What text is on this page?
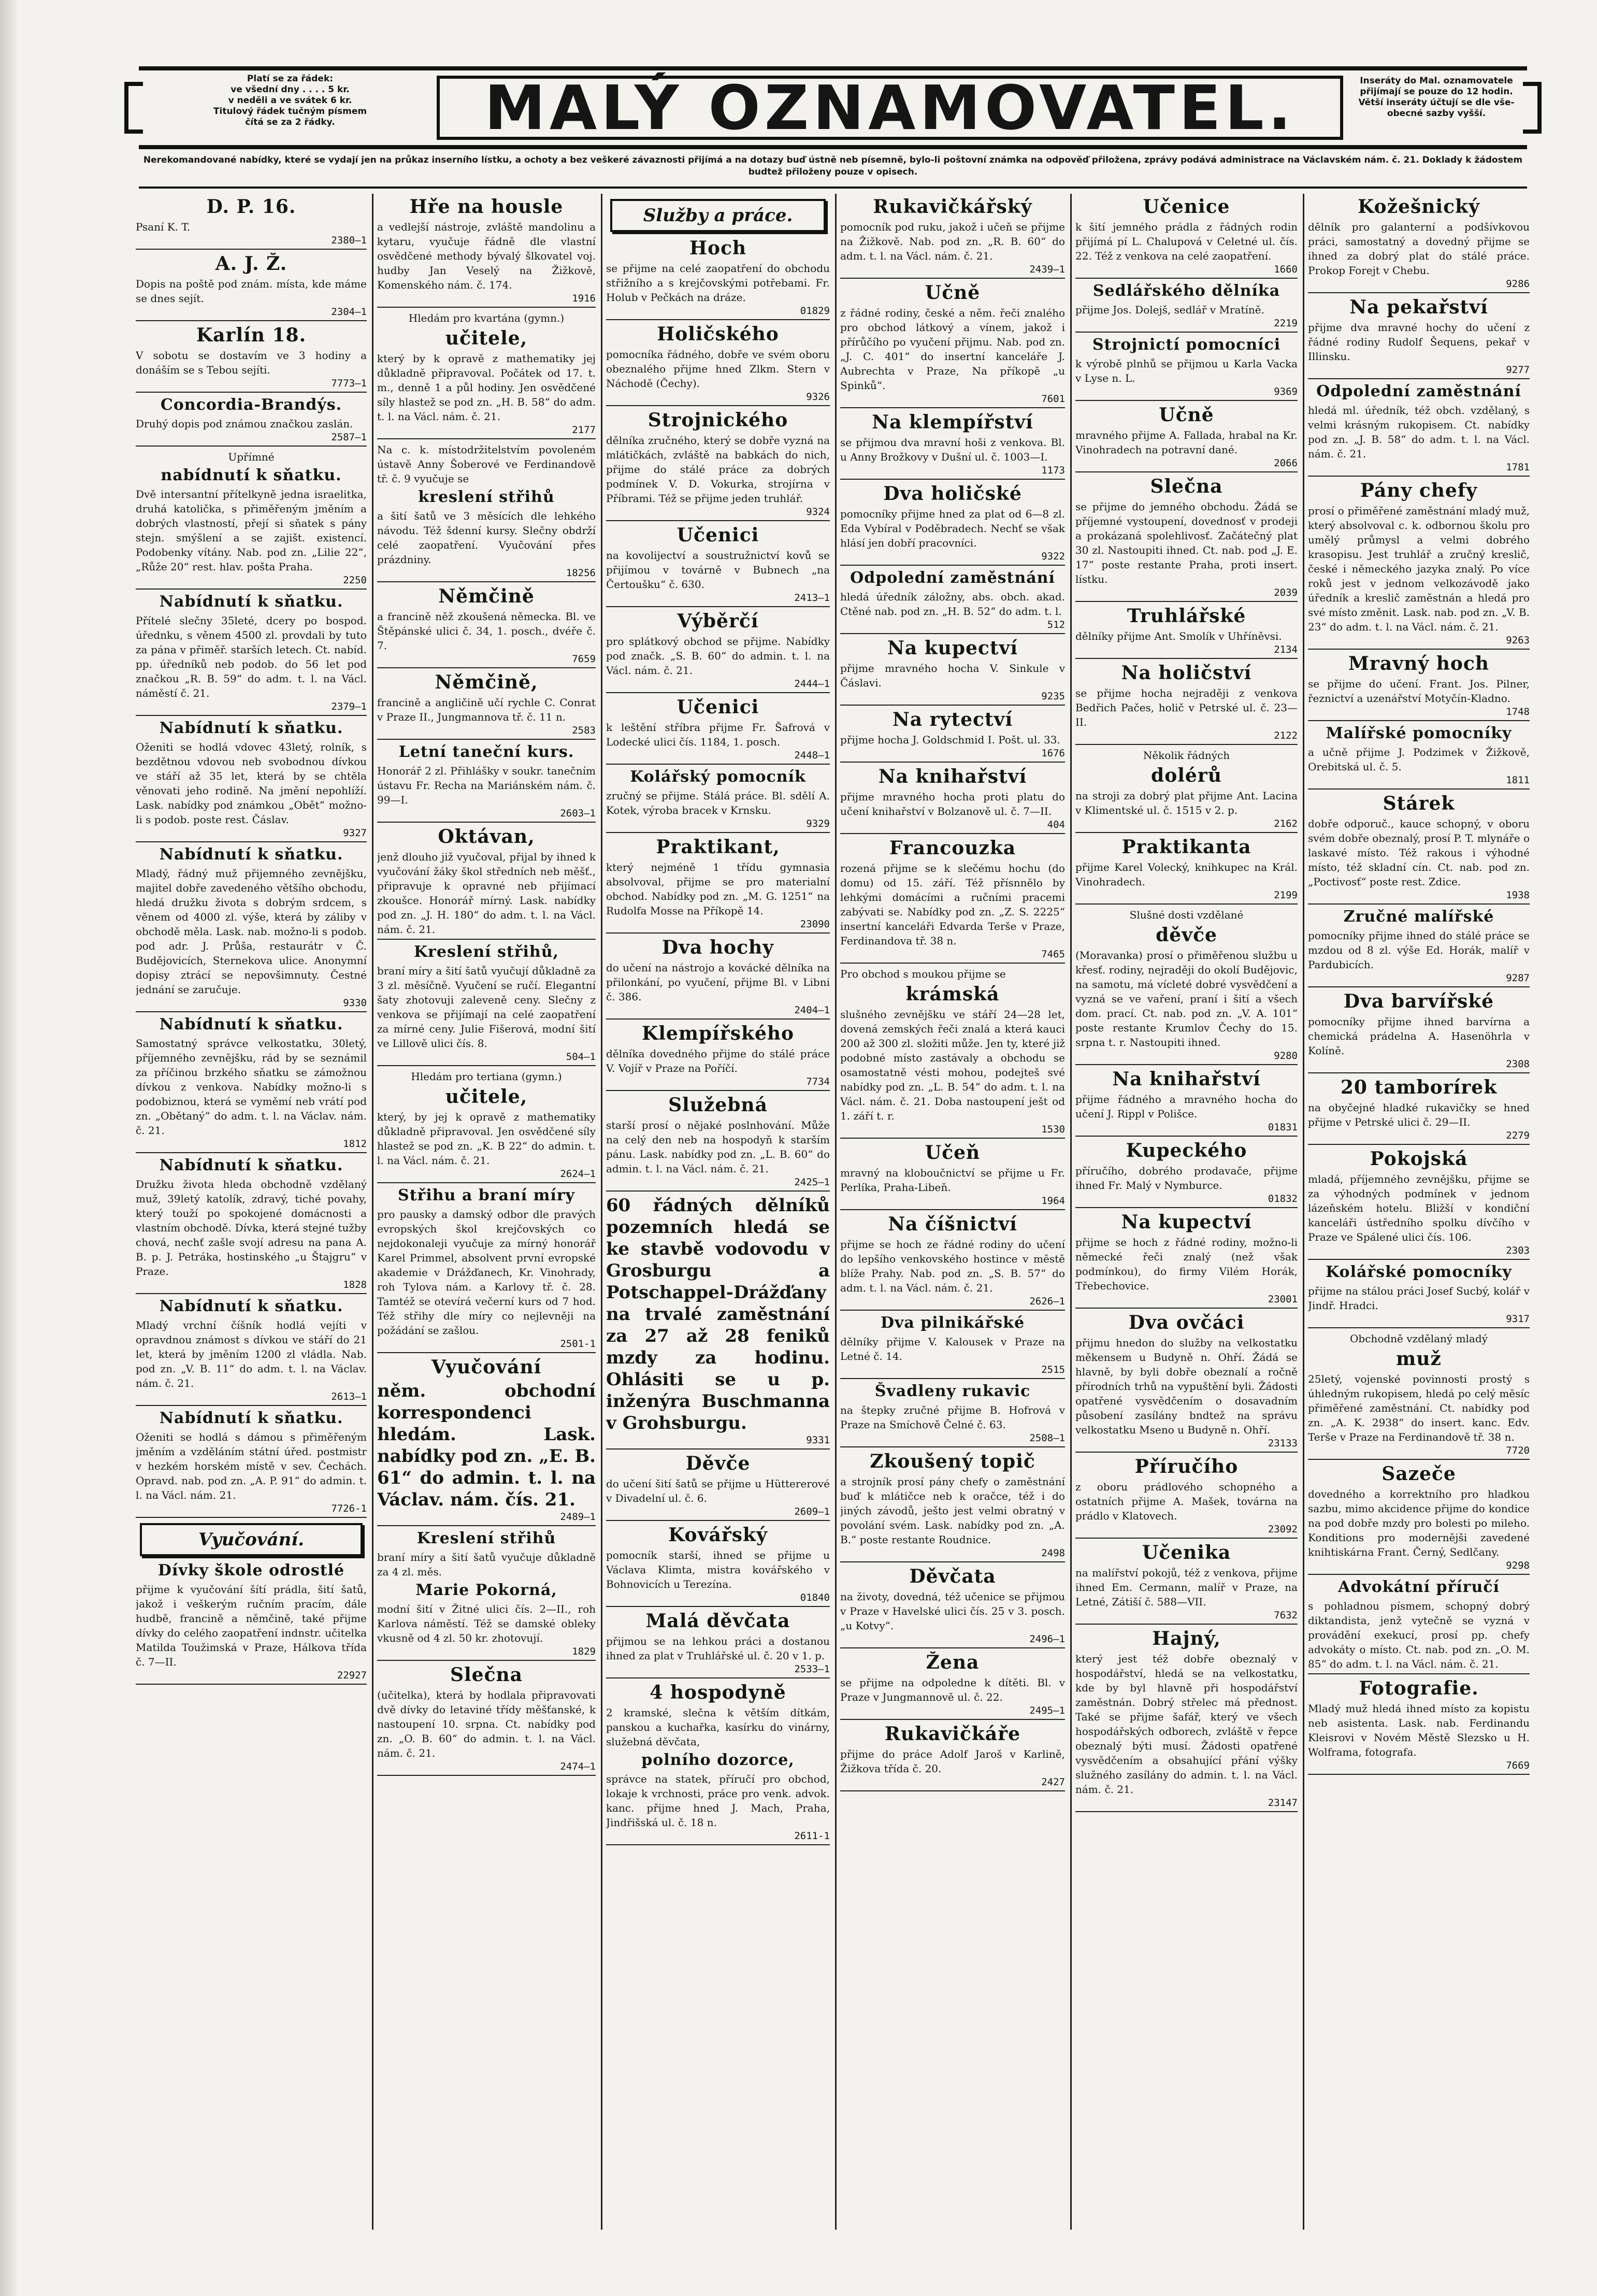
Platí se za řádek:
ve všední dny . . . . 5 kr.
v neděli a ve svátek 6 kr.
Titulový řádek tučným písmem
čítá se za 2 řádky.	MALÝ OZNAMOVATEL.	Inseráty do Mal. oznamovatele
přijímají se pouze do 12 hodin.
Větší inseráty účtují se dle vše-
obecné sazby vyšší.
Nerekomandované nabídky, které se vydají jen na průkaz inserního lístku, a ochoty a bez veškeré závaznosti přijímá a na dotazy buď ústně neb písemně, bylo-li poštovní známka na odpověď přiložena, zprávy podává administrace na Václavském nám. č. 21. Doklady k žádostem budtež přiloženy pouze v opisech.
D. P. 16.

Psaní K. T.

2380—1
A. J. Ž.

Dopis na poště pod znám. místa, kde máme se dnes sejít.

2304—1
Karlín 18.

V sobotu se dostavím ve 3 hodiny a donáším se s Tebou sejíti.

7773—1
Concordia-Brandýs.

Druhý dopis pod známou značkou zaslán.

2587—1

Upřímné

nabídnutí k sňatku.

Dvě intersantní přítelkyně jedna israelitka, druhá katolička, s přiměřeným jměním a dobrých vlastností, přejí si sňatek s pány stejn. smýšlení a se zajišt. existencí. Podobenky vítány. Nab. pod zn. „Lilie 22“, „Růže 20“ rest. hlav. pošta Praha.

2250
Nabídnutí k sňatku.

Přítelé slečny 35leté, dcery po bospod. úřednku, s věnem 4500 zl. provdali by tuto za pána v přiměř. starších letech. Ct. nabíd. pp. úředníků neb podob. do 56 let pod značkou „R. B. 59“ do adm. t. l. na Václ. náměstí č. 21.

2379—1
Nabídnutí k sňatku.

Oženiti se hodlá vdovec 43letý, rolník, s bezdětnou vdovou neb svobodnou dívkou ve stáří až 35 let, která by se chtěla věnovati jeho rodině. Na jmění nepohlíží. Lask. nabídky pod známkou „Obět“ možno-li s podob. poste rest. Čáslav.

9327
Nabídnutí k sňatku.

Mladý, řádný muž přijemného zevnějšku, majitel dobře zavedeného většího obchodu, hledá družku života s dobrým srdcem, s věnem od 4000 zl. výše, která by záliby v obchodě měla. Lask. nab. možno-li s podob. pod adr. J. Průša, restaurátr v Č. Budějovicích, Sternekova ulice. Anonymní dopisy ztrácí se nepovšimnuty. Čestné jednání se zaručuje.

9330
Nabídnutí k sňatku.

Samostatný správce velkostatku, 30letý, příjemného zevnějšku, rád by se seznámil za příčinou brzkého sňatku se zámožnou dívkou z venkova. Nabídky možno-li s podobiznou, která se vyměmí neb vrátí pod zn. „Obětaný“ do adm. t. l. na Václav. nám. č. 21.

1812
Nabídnutí k sňatku.

Družku života hleda obchodně vzdělaný muž, 39letý katolík, zdravý, tiché povahy, který touží po spokojené domácnosti a vlastním obchodě. Dívka, která stejné tužby chová, nechť zašle svojí adresu na pana A. B. p. J. Petráka, hostinského „u Štajgru“ v Praze.

1828
Nabídnutí k sňatku.

Mladý vrchní číšník hodlá vejíti v opravdnou známost s dívkou ve stáří do 21 let, která by jměním 1200 zl vládla. Nab. pod zn. „V. B. 11“ do adm. t. l. na Václav. nám. č. 21.

2613—1
Nabídnutí k sňatku.

Oženiti se hodlá s dámou s přiměřeným jměním a vzděláním státní úřed. postmistr v hezkém horském místě v sev. Čechách. Opravd. nab. pod zn. „A. P. 91“ do admin. t. l. na Václ. nám. 21.

7726-1
Vyučování.
Dívky škole odrostlé

přijme k vyučování šítí prádla, šití šatů, jakož i veškerým ručním pracím, dále hudbě, francině a němčině, také přijme dívky do celého zaopatření indnstr. učitelka Matilda Toužimská v Praze, Hálkova třída č. 7—II.

22927
Hře na housle

a vedlejší nástroje, zvláště mandolinu a kytaru, vyučuje řádně dle vlastní osvědčené methody bývalý šlkovatel voj. hudby Jan Veselý na Žižkově, Komenského nám. č. 174.

1916

Hledám pro kvartána (gymn.)

učitele,

který by k opravě z mathematiky jej důkladně připravoval. Počátek od 17. t. m., denně 1 a půl hodiny. Jen osvědčené síly hlastež se pod zn. „H. B. 58“ do adm. t. l. na Václ. nám. č. 21.

2177

Na c. k. místodržitelstvím povoleném ústavě Anny Šoberové ve Ferdinandově tř. č. 9 vyučuje se

kreslení střihů

a šití šatů ve 3 měsících dle lehkého návodu. Též šdenní kursy. Slečny obdrží celé zaopatření. Vyučování přes prázdniny.

18256
Němčině

a francině něž zkoušená německa. Bl. ve Štěpánské ulici č. 34, 1. posch., dvéře č. 7.

7659
Němčině,

francině a angličině učí rychle C. Conrat v Praze II., Jungmannova tř. č. 11 n.

2583
Letní taneční kurs.

Honorář 2 zl. Přihlášky v soukr. tanečním ústavu Fr. Recha na Mariánském nám. č. 99—I.

2603—1
Oktávan,

jenž dlouho již vyučoval, přijal by ihned k vyučování žáky škol středních neb měšť., připravuje k opravné neb přijímací zkoušce. Honorář mírný. Lask. nabídky pod zn. „J. H. 180“ do adm. t. l. na Václ. nám. č. 21.

Kreslení střihů,

braní míry a šití šatů vyučují důkladně za 3 zl. měsíčně. Vyučení se ručí. Elegantní šaty zhotovuji zaleveně ceny. Slečny z venkova se přijímají na celé zaopatření za mírné ceny. Julie Fišerová, modní šití ve Lillově ulici čís. 8.

504—1

Hledám pro tertiana (gymn.)

učitele,

který, by jej k opravě z mathematiky důkladně připravoval. Jen osvědčené síly hlastež se pod zn. „K. B 22“ do admin. t. l. na Václ. nám. č. 21.

2624—1
Střihu a braní míry

pro pausky a damský odbor dle pravých evropských škol krejčovských co nejdokonaleji vyučuje za mírný honorář Karel Primmel, absolvent první evropské akademie v Drážďanech, Kr. Vinohrady, roh Tylova nám. a Karlovy tř. č. 28. Tamtéž se otevírá večerní kurs od 7 hod. Též střihy dle míry co nejlevněji na požádání se zašlou.

2501-1
Vyučování

něm. obchodní korrespondenci hledám. Lask. nabídky pod zn. „E. B. 61“ do admin. t. l. na Václav. nám. čís. 21.

2489—1
Kreslení střihů

braní míry a šití šatů vyučuje důkladně za 4 zl. měs.

Marie Pokorná,

modní šití v Žitné ulici čís. 2—II., roh Karlova náměstí. Též se damské obleky vkusně od 4 zl. 50 kr. zhotovují.

1829
Slečna

(učitelka), která by hodlala připravovati dvě dívky do letaviné třídy měšťanské, k nastoupení 10. srpna. Ct. nabídky pod zn. „O. B. 60“ do admin. t. l. na Václ. nám. č. 21.

2474—1
Služby a práce.
Hoch

se přijme na celé zaopatření do obchodu střižního a s krejčovskými potřebami. Fr. Holub v Pečkách na dráze.

01829
Holičského

pomocníka řádného, dobře ve svém oboru obeznalého přijme hned Zlkm. Stern v Náchodě (Čechy).

9326
Strojnického

dělníka zručného, který se dobře vyzná na mlátičkách, zvláště na babkách do nich, přijme do stálé práce za dobrých podmínek V. D. Vokurka, strojírna v Příbrami. Též se přijme jeden truhlář.

9324
Učenici

na kovolijectví a soustružnictví kovů se přijímou v továrně v Bubnech „na Čertoušku“ č. 630.

2413—1
Výběrčí

pro splátkový obchod se přijme. Nabídky pod značk. „S. B. 60“ do admin. t. l. na Václ. nám. č. 21.

2444—1
Učenici

k leštění stříbra přijme Fr. Šafrová v Lodecké ulici čís. 1184, 1. posch.

2448—1
Kolářský pomocník

zručný se přijme. Stálá práce. Bl. sdělí A. Kotek, výroba bracek v Krnsku.

9329
Praktikant,

který nejméně 1 třídu gymnasia absolvoval, přijme se pro materialní obchod. Nabídky pod zn. „M. G. 1251“ na Rudolfa Mosse na Příkopě 14.

23090
Dva hochy

do učení na nástrojo a kovácké dělníka na přilonkání, po vyučení, přijme Bl. v Libni č. 386.

2404—1
Klempířského

dělníka dovedného přijme do stálé práce V. Vojíř v Praze na Poříčí.

7734
Služebná

starší prosí o nějaké poslnhování. Může na celý den neb na hospodyň k starším pánu. Lask. nabídky pod zn. „L. B. 60“ do admin. t. l. na Václ. nám. č. 21.

2425—1

60 řádných dělníků pozemních hledá se ke stavbě vodovodu v Grosburgu a Potschappel-Drážďany na trvalé zaměstnání za 27 až 28 feniků mzdy za hodinu. Ohlásiti se u p. inženýra Buschmanna v Grohsburgu.

9331
Děvče

do učení šití šatů se přijme u Hüttererové v Divadelní ul. č. 6.

2609—1
Kovářský

pomocník starší, ihned se přijme u Václava Klimta, mistra kovářského v Bohnovicích u Terezína.

01840
Malá děvčata

přijmou se na lehkou práci a dostanou ihned za plat v Truhlářské ul. č. 20 v 1. p.

2533—1
4 hospodyně

2 kramské, slečna k větším dítkám, panskou a kuchařka, kasírku do vinárny, služebná děvčata,

polního dozorce,

správce na statek, příručí pro obchod, lokaje k vrchnosti, práce pro venk. advok. kanc. přijme hned J. Mach, Praha, Jindřišská ul. č. 18 n.

2611-1
Rukavičkářský

pomocník pod ruku, jakož i učeň se přijme na Žižkově. Nab. pod zn. „R. B. 60“ do adm. t. l. na Václ. nám. č. 21.

2439—1
Učně

z řádné rodiny, české a něm. řeči znalého pro obchod látkový a vínem, jakož i přírůčího po vyučení přijmu. Nab. pod zn. „J. C. 401“ do insertní kanceláře J. Aubrechta v Praze, Na příkopě „u Spinků“.

7601
Na klempířství

se přijmou dva mravní hoši z venkova. Bl. u Anny Brožkovy v Dušní ul. č. 1003—I.

1173
Dva holičské

pomocníky přijme hned za plat od 6—8 zl. Eda Vybíral v Poděbradech. Nechť se však hlásí jen dobří pracovníci.

9322
Odpolední zaměstnání

hledá úředník záložny, abs. obch. akad. Ctěné nab. pod zn. „H. B. 52“ do adm. t. l.

512
Na kupectví

přijme mravného hocha V. Sinkule v Čáslavi.

9235
Na rytectví

přijme hocha J. Goldschmid I. Pošt. ul. 33.

1676
Na knihařství

přijme mravného hocha proti platu do učení knihařství v Bolzanově ul. č. 7—II.

404
Francouzka

rozená přijme se k slečému hochu (do domu) od 15. září. Též přísnnělo by lehkými domácími a ručními pracemi zabývati se. Nabídky pod zn. „Z. S. 2225“ insertní kanceláři Edvarda Terše v Praze, Ferdinandova tř. 38 n.

7465

Pro obchod s moukou přijme se

krámská

slušného zevnějšku ve stáří 24—28 let, dovená zemských řeči znalá a která kauci 200 až 300 zl. složiti může. Jen ty, které již podobné místo zastávaly a obchodu se osamostatně vésti mohou, podejteš své nabídky pod zn. „L. B. 54“ do adm. t. l. na Václ. nám. č. 21. Doba nastoupení ješt od 1. září t. r.

1530
Učeň

mravný na kloboučnictví se přijme u Fr. Perlíka, Praha-Libeň.

1964
Na číšnictví

přijme se hoch ze řádné rodiny do učení do lepšího venkovského hostince v městě blíže Prahy. Nab. pod zn. „S. B. 57“ do adm. t. l. na Václ. nám. č. 21.

2626—1
Dva pilnikářské

dělníky přijme V. Kalousek v Praze na Letné č. 14.

2515
Švadleny rukavic

na štepky zručné přijme B. Hofrová v Praze na Smíchově Čelné č. 63.

2508—1
Zkoušený topič

a strojník prosí pány chefy o zaměstnání buď k mlátičce neb k oračce, též i do jiných závodů, ješto jest velmi obratný v povolání svém. Lask. nabídky pod zn. „A. B.“ poste restante Roudnice.

2498
Děvčata

na životy, dovedná, též učenice se přijmou v Praze v Havelské ulici čís. 25 v 3. posch. „u Kotvy“.

2496—1
Žena

se přijme na odpoledne k dítěti. Bl. v Praze v Jungmannově ul. č. 22.

2495—1
Rukavičkáře

přijme do práce Adolf Jaroš v Karlině, Žižkova třída č. 20.

2427
Učenice

k šití jemného prádla z řádných rodin přijímá pí L. Chalupová v Celetné ul. čís. 22. Též z venkova na celé zaopatření.

1660
Sedlářského dělníka

přijme Jos. Dolejš, sedlář v Mratíně.

2219
Strojnictí pomocníci

k výrobě plnhů se přijmou u Karla Vacka v Lyse n. L.

9369
Učně

mravného přijme A. Fallada, hrabal na Kr. Vinohradech na potravní dané.

2066
Slečna

se přijme do jemného obchodu. Žádá se příjemné vystoupení, dovednosť v prodeji a prokázaná spolehlivosť. Začátečný plat 30 zl. Nastoupiti ihned. Ct. nab. pod „J. E. 17“ poste restante Praha, proti insert. lístku.

2039
Truhlářské

dělníky přijme Ant. Smolík v Uhříněvsi.

2134
Na holičství

se přijme hocha nejraději z venkova Bedřich Pačes, holič v Petrské ul. č. 23—II.

2122

Několik řádných

dolérů

na stroji za dobrý plat přijme Ant. Lacina v Klimentské ul. č. 1515 v 2. p.

2162
Praktikanta

přijme Karel Volecký, knihkupec na Král. Vinohradech.

2199

Slušné dosti vzdělané

děvče

(Moravanka) prosí o přiměřenou službu u křesť. rodiny, nejraději do okolí Budějovic, na samotu, má vícleté dobré vysvědčení a vyzná se ve vaření, praní i šití a všech dom. prací. Ct. nab. pod zn. „V. A. 101“ poste restante Krumlov Čechy do 15. srpna t. r. Nastoupiti ihned.

9280
Na knihařství

přijme řádného a mravného hocha do učení J. Rippl v Polišce.

01831
Kupeckého

příručího, dobrého prodavače, přijme ihned Fr. Malý v Nymburce.

01832
Na kupectví

přijme se hoch z řádné rodiny, možno-li německé řeči znalý (než však podmínkou), do firmy Vilém Horák, Třebechovice.

23001
Dva ovčáci

přijmu hnedon do služby na velkostatku měkensem u Budyně n. Ohří. Žádá se hlavně, by byli dobře obeznalí a ročně přírodních trhů na vypuštění byli. Žádosti opatřené vysvědčením o dosavadním působení zasílány bndtež na správu velkostatku Mseno u Budyně n. Ohří.

23133
Příručího

z oboru prádlového schopného a ostatních přijme A. Mašek, továrna na prádlo v Klatovech.

23092
Učenika

na malířství pokojů, též z venkova, přijme ihned Em. Cermann, malíř v Praze, na Letné, Zátiší č. 588—VII.

7632
Hajný,

který jest též dobře obeznalý v hospodářství, hledá se na velkostatku, kde by byl hlavně při hospodářství zaměstnán. Dobrý střelec má přednost. Také se přijme šafář, který ve všech hospodářských odborech, zvláště v řepce obeznalý býti musí. Žádosti opatřené vysvědčením a obsahující přání výšky služného zasílány do admin. t. l. na Václ. nám. č. 21.

23147
Kožešnický

dělník pro galanterní a podšívkovou práci, samostatný a dovedný přijme se ihned za dobrý plat do stálé práce. Prokop Forejt v Chebu.

9286
Na pekařství

přijme dva mravné hochy do učení z řádné rodiny Rudolf Šequens, pekař v Illinsku.

9277
Odpolední zaměstnání

hledá ml. úředník, též obch. vzdělaný, s velmi krásným rukopisem. Ct. nabídky pod zn. „J. B. 58“ do adm. t. l. na Václ. nám. č. 21.

1781
Pány chefy

prosí o přiměřené zaměstnání mladý muž, který absolvoval c. k. odbornou školu pro umělý průmysl a velmi dobrého krasopisu. Jest truhlář a zručný kreslič, české i německého jazyka znalý. Po více roků jest v jednom velkozávodě jako úředník a kreslič zaměstnán a hledá pro své místo změnit. Lask. nab. pod zn. „V. B. 23“ do adm. t. l. na Václ. nám. č. 21.

9263
Mravný hoch

se přijme do učení. Frant. Jos. Pilner, řeznictví a uzenářství Motyčín-Kladno.

1748
Malířské pomocníky

a učně přijme J. Podzimek v Žižkově, Orebitská ul. č. 5.

1811
Stárek

dobře odporuč., kauce schopný, v oboru svém dobře obeznalý, prosí P. T. mlynáře o laskavé místo. Též rakous i výhodné místo, též skladní cín. Ct. nab. pod zn. „Poctivosť“ poste rest. Zdice.

1938
Zručné malířské

pomocníky přijme ihned do stálé práce se mzdou od 8 zl. výše Ed. Horák, malíř v Pardubicích.

9287
Dva barvířské

pomocníky přijme ihned barvírna a chemická prádelna A. Hasenöhrla v Kolíně.

2308
20 tamborírek

na obyčejné hladké rukavičky se hned přijme v Petrské ulici č. 29—II.

2279
Pokojská

mladá, příjemného zevnějšku, přijme se za výhodných podmínek v jednom lázeňském hotelu. Bližší v kondiční kanceláři ústředního spolku dívčího v Praze ve Spálené ulici čís. 106.

2303
Kolářské pomocníky

přijme na stálou práci Josef Sucbý, kolář v Jindř. Hradci.

9317

Obchodně vzdělaný mladý

muž

25letý, vojenské povinnosti prostý s úhledným rukopisem, hledá po celý měsíc přiměřené zaměstnání. Ct. nabídky pod zn. „A. K. 2938“ do insert. kanc. Edv. Terše v Praze na Ferdinandově tř. 38 n.

7720
Sazeče

dovedného a korrektního pro hladkou sazbu, mimo akcidence přijme do kondice na pod dobře mzdy pro bolesti po mileho. Konditions pro modernějši zavedené knihtiskárna Frant. Černý, Sedlčany.

9298
Advokátní příručí

s pohladnou písmem, schopný dobrý diktandista, jenž vytečně se vyzná v provádění exekucí, prosí pp. chefy advokáty o místo. Ct. nab. pod zn. „O. M. 85“ do adm. t. l. na Václ. nám. č. 21.

Fotografie.

Mladý muž hledá ihned místo za kopistu neb asistenta. Lask. nab. Ferdinandu Kleisrovi v Novém Městě Slezsko u H. Wolframa, fotografa.

7669
